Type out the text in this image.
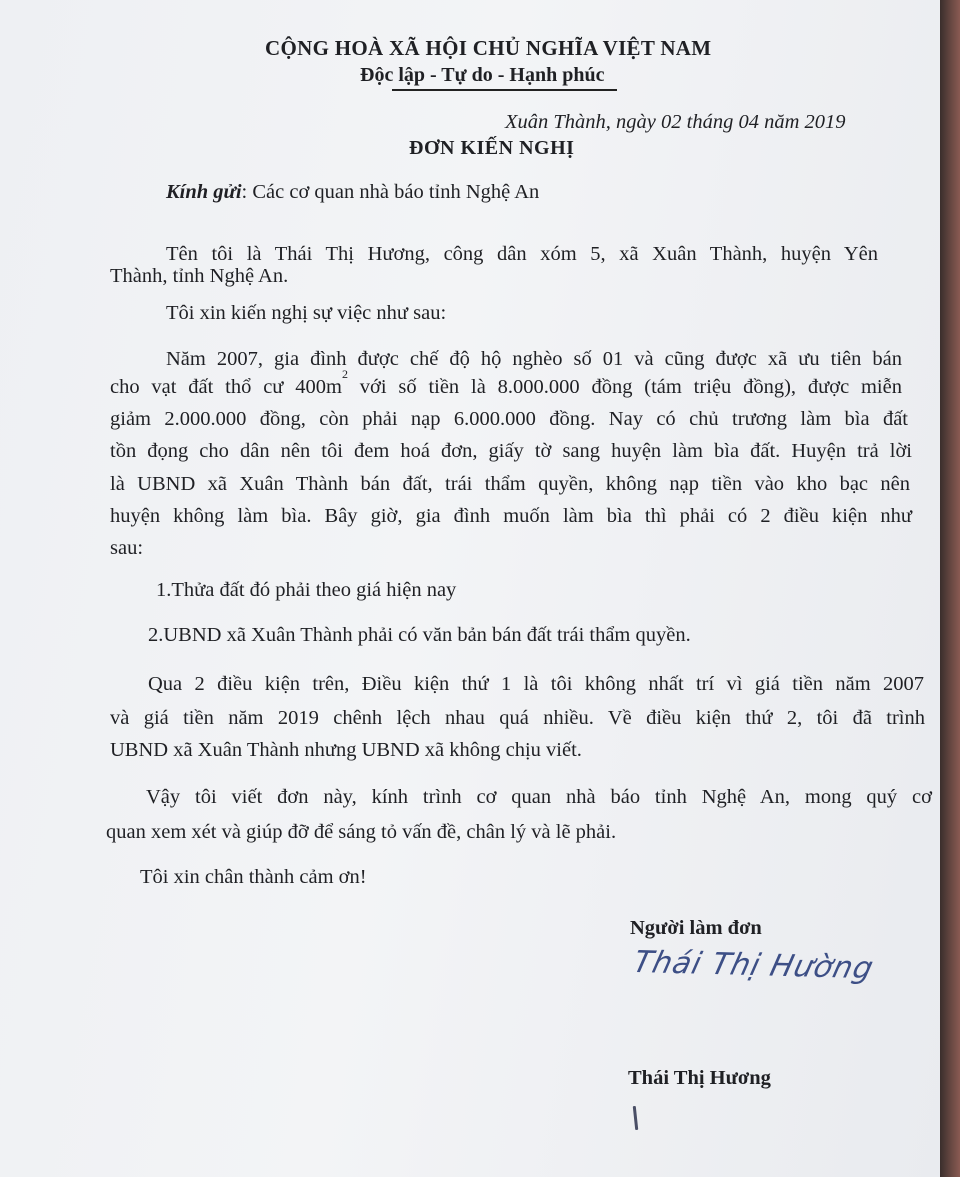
CỘNG HOÀ XÃ HỘI CHỦ NGHĨA VIỆT NAM
Độc lập - Tự do - Hạnh phúc
Xuân Thành, ngày 02 tháng 04 năm 2019
ĐƠN KIẾN NGHỊ
Kính gửi: Các cơ quan nhà báo tỉnh Nghệ An
Tên tôi là Thái Thị Hương, công dân xóm 5, xã Xuân Thành, huyện Yên
Thành, tỉnh Nghệ An.
Tôi xin kiến nghị sự việc như sau:
Năm 2007, gia đình được chế độ hộ nghèo số 01 và cũng được xã ưu tiên bán
cho vạt đất thổ cư $400m^2$ với số tiền là 8.000.000 đồng (tám triệu đồng), được miễn
giảm 2.000.000 đồng, còn phải nạp 6.000.000 đồng. Nay có chủ trương làm bìa đất
tồn đọng cho dân nên tôi đem hoá đơn, giấy tờ sang huyện làm bìa đất. Huyện trả lời
là UBND xã Xuân Thành bán đất, trái thẩm quyền, không nạp tiền vào kho bạc nên
huyện không làm bìa. Bây giờ, gia đình muốn làm bìa thì phải có 2 điều kiện như
sau:
1.Thửa đất đó phải theo giá hiện nay
2.UBND xã Xuân Thành phải có văn bản bán đất trái thẩm quyền.
Qua 2 điều kiện trên, Điều kiện thứ 1 là tôi không nhất trí vì giá tiền năm 2007
và giá tiền năm 2019 chênh lệch nhau quá nhiều. Về điều kiện thứ 2, tôi đã trình
UBND xã Xuân Thành nhưng UBND xã không chịu viết.
Vậy tôi viết đơn này, kính trình cơ quan nhà báo tỉnh Nghệ An, mong quý cơ
quan xem xét và giúp đỡ để sáng tỏ vấn đề, chân lý và lẽ phải.
Tôi xin chân thành cảm ơn!
Người làm đơn
Thái Thị Hường
Thái Thị Hương
